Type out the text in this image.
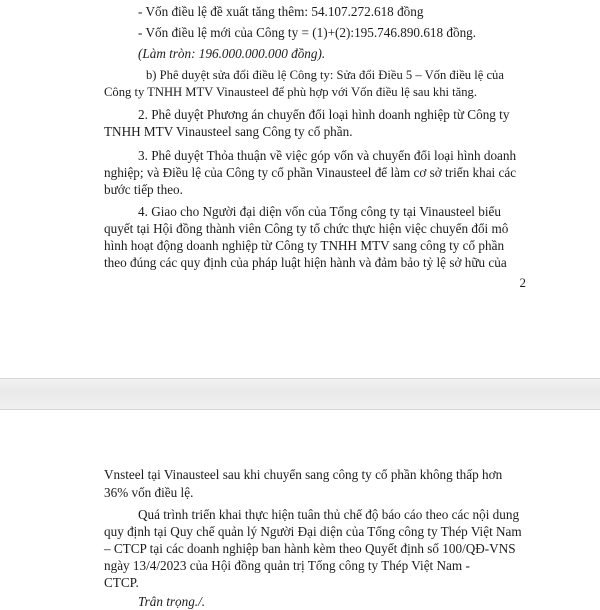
- Vốn điều lệ đề xuất tăng thêm: 54.107.272.618 đồng

- Vốn điều lệ mới của Công ty = (1)+(2):195.746.890.618 đồng.

(Làm tròn: 196.000.000.000 đồng).

b) Phê duyệt sửa đổi điều lệ Công ty: Sửa đổi Điều 5 – Vốn điều lệ của

Công ty TNHH MTV Vinausteel để phù hợp với Vốn điều lệ sau khi tăng.

2. Phê duyệt Phương án chuyển đổi loại hình doanh nghiệp từ Công ty

TNHH MTV Vinausteel sang Công ty cổ phần.

3. Phê duyệt Thỏa thuận về việc góp vốn và chuyển đổi loại hình doanh

nghiệp; và Điều lệ của Công ty cổ phần Vinausteel để làm cơ sở triển khai các

bước tiếp theo.

4. Giao cho Người đại diện vốn của Tổng công ty tại Vinausteel biểu

quyết tại Hội đồng thành viên Công ty tổ chức thực hiện việc chuyển đổi mô

hình hoạt động doanh nghiệp từ Công ty TNHH MTV sang công ty cổ phần

theo đúng các quy định của pháp luật hiện hành và đảm bảo tỷ lệ sở hữu của

2

Vnsteel tại Vinausteel sau khi chuyển sang công ty cổ phần không thấp hơn

36% vốn điều lệ.

Quá trình triển khai thực hiện tuân thủ chế độ báo cáo theo các nội dung

quy định tại Quy chế quản lý Người Đại diện của Tổng công ty Thép Việt Nam

– CTCP tại các doanh nghiệp ban hành kèm theo Quyết định số 100/QĐ-VNS

ngày 13/4/2023 của Hội đồng quản trị Tổng công ty Thép Việt Nam -

CTCP.

Trân trọng./.
